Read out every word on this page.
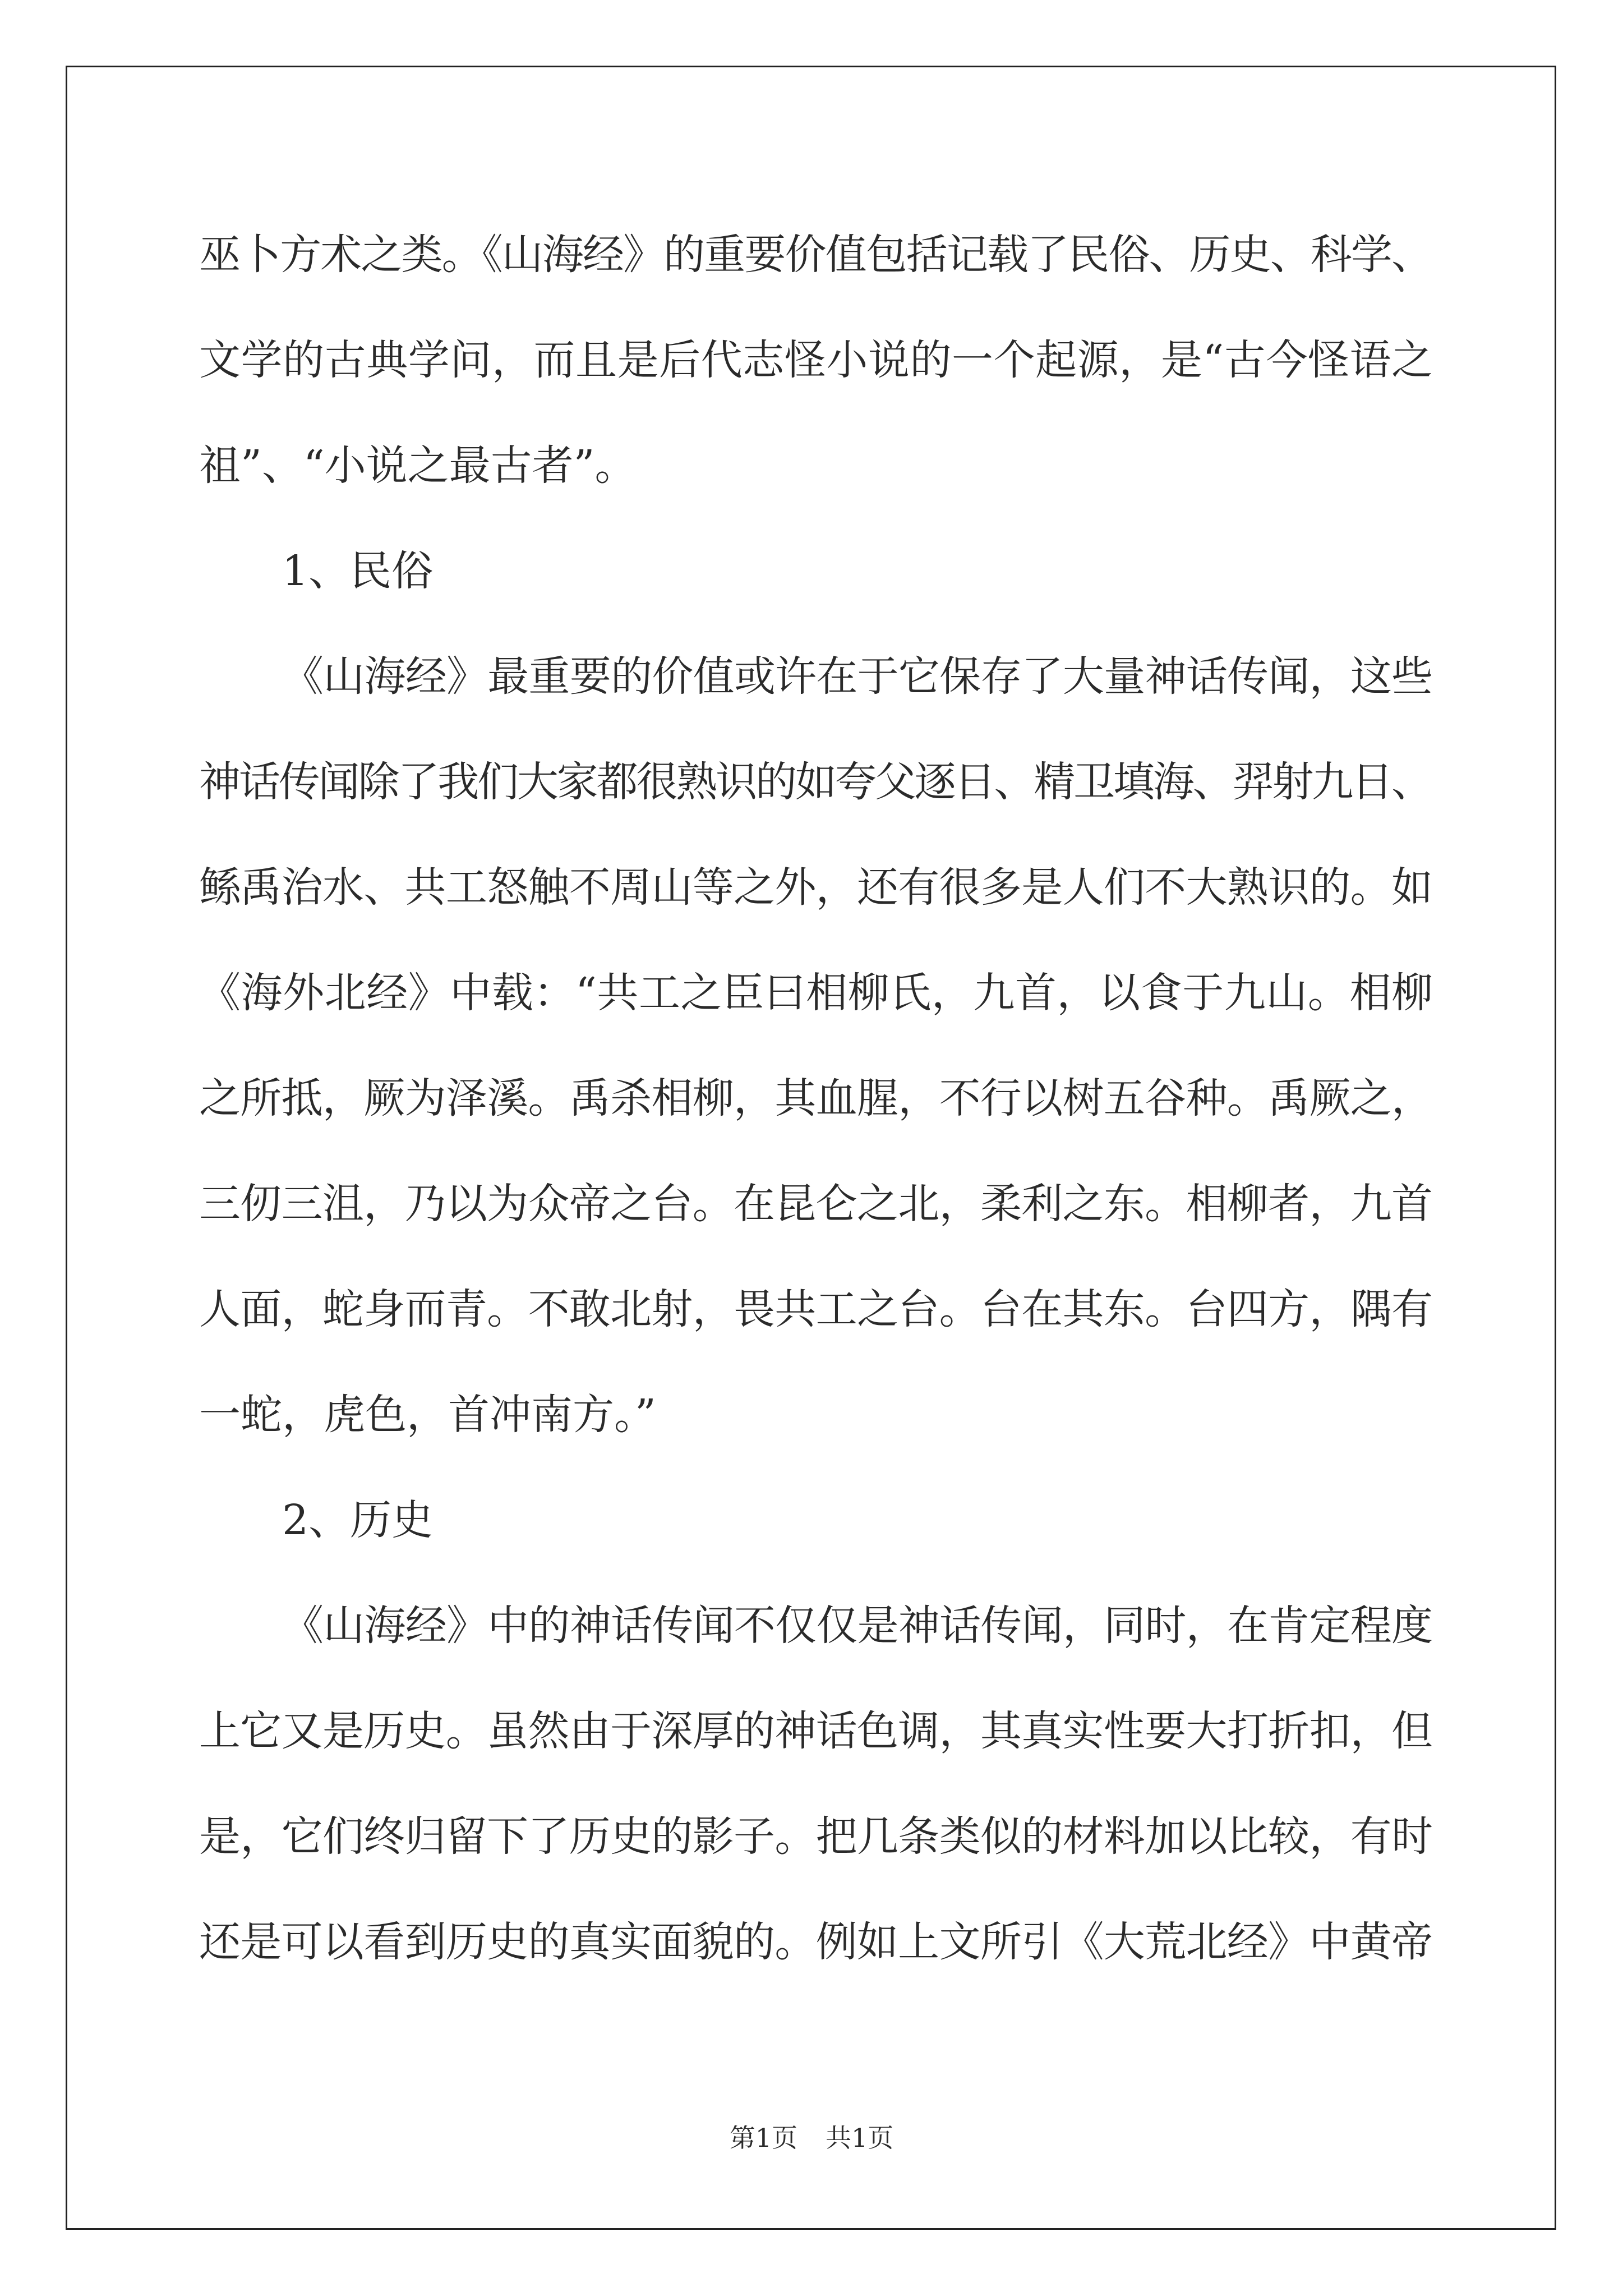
巫卜方术之类。《山海经》的重要价值包括记载了民俗、历史、科学、
文学的古典学问，而且是后代志怪小说的一个起源，是“古今怪语之
祖”、“小说之最古者”。
1、民俗
《山海经》最重要的价值或许在于它保存了大量神话传闻，这些
神话传闻除了我们大家都很熟识的如夸父逐日、精卫填海、羿射九日、
鲧禹治水、共工怒触不周山等之外，还有很多是人们不大熟识的。如
《海外北经》中载：“共工之臣曰相柳氏，九首，以食于九山。相柳
之所抵，厥为泽溪。禹杀相柳，其血腥，不行以树五谷种。禹厥之，
三仞三沮，乃以为众帝之台。在昆仑之北，柔利之东。相柳者，九首
人面，蛇身而青。不敢北射，畏共工之台。台在其东。台四方，隅有
一蛇，虎色，首冲南方。”
2、历史
《山海经》中的神话传闻不仅仅是神话传闻，同时，在肯定程度
上它又是历史。虽然由于深厚的神话色调，其真实性要大打折扣，但
是，它们终归留下了历史的影子。把几条类似的材料加以比较，有时
还是可以看到历史的真实面貌的。例如上文所引《大荒北经》中黄帝
第1页 共1页
